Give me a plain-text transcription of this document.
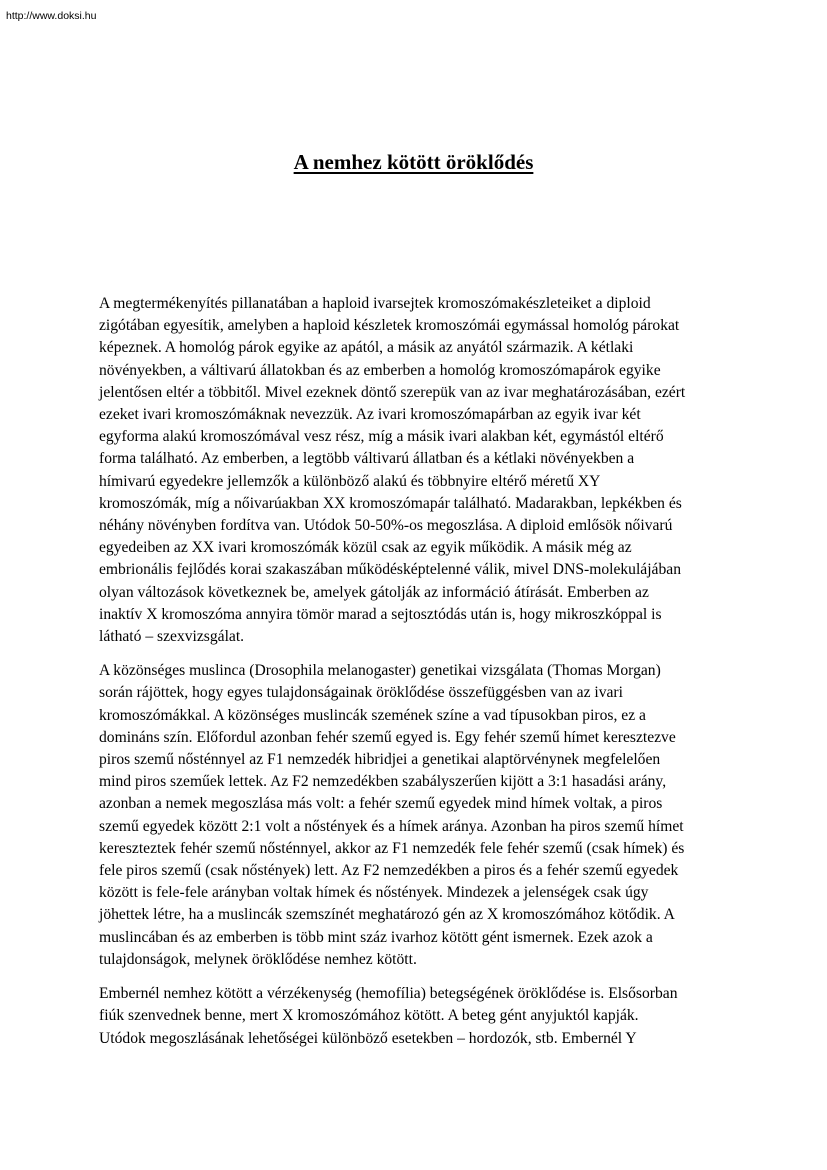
http://www.doksi.hu
A nemhez kötött öröklődés

A megtermékenyítés pillanatában a haploid ivarsejtek kromoszómakészleteiket a diploid
zigótában egyesítik, amelyben a haploid készletek kromoszómái egymással homológ párokat
képeznek. A homológ párok egyike az apától, a másik az anyától származik. A kétlaki
növényekben, a váltivarú állatokban és az emberben a homológ kromoszómapárok egyike
jelentősen eltér a többitől. Mivel ezeknek döntő szerepük van az ivar meghatározásában, ezért
ezeket ivari kromoszómáknak nevezzük. Az ivari kromoszómapárban az egyik ivar két
egyforma alakú kromoszómával vesz rész, míg a másik ivari alakban két, egymástól eltérő
forma található. Az emberben, a legtöbb váltivarú állatban és a kétlaki növényekben a
hímivarú egyedekre jellemzők a különböző alakú és többnyire eltérő méretű XY
kromoszómák, míg a nőivarúakban XX kromoszómapár található. Madarakban, lepkékben és
néhány növényben fordítva van. Utódok 50-50%-os megoszlása. A diploid emlősök nőivarú
egyedeiben az XX ivari kromoszómák közül csak az egyik működik. A másik még az
embrionális fejlődés korai szakaszában működésképtelenné válik, mivel DNS-molekulájában
olyan változások következnek be, amelyek gátolják az információ átírását. Emberben az
inaktív X kromoszóma annyira tömör marad a sejtosztódás után is, hogy mikroszkóppal is
látható – szexvizsgálat.

A közönséges muslinca (Drosophila melanogaster) genetikai vizsgálata (Thomas Morgan)
során rájöttek, hogy egyes tulajdonságainak öröklődése összefüggésben van az ivari
kromoszómákkal. A közönséges muslincák szemének színe a vad típusokban piros, ez a
domináns szín. Előfordul azonban fehér szemű egyed is. Egy fehér szemű hímet keresztezve
piros szemű nősténnyel az F1 nemzedék hibridjei a genetikai alaptörvénynek megfelelően
mind piros szeműek lettek. Az F2 nemzedékben szabályszerűen kijött a 3:1 hasadási arány,
azonban a nemek megoszlása más volt: a fehér szemű egyedek mind hímek voltak, a piros
szemű egyedek között 2:1 volt a nőstények és a hímek aránya. Azonban ha piros szemű hímet
kereszteztek fehér szemű nősténnyel, akkor az F1 nemzedék fele fehér szemű (csak hímek) és
fele piros szemű (csak nőstények) lett. Az F2 nemzedékben a piros és a fehér szemű egyedek
között is fele-fele arányban voltak hímek és nőstények. Mindezek a jelenségek csak úgy
jöhettek létre, ha a muslincák szemszínét meghatározó gén az X kromoszómához kötődik. A
muslincában és az emberben is több mint száz ivarhoz kötött gént ismernek. Ezek azok a
tulajdonságok, melynek öröklődése nemhez kötött.

Embernél nemhez kötött a vérzékenység (hemofília) betegségének öröklődése is. Elsősorban
fiúk szenvednek benne, mert X kromoszómához kötött. A beteg gént anyjuktól kapják.
Utódok megoszlásának lehetőségei különböző esetekben – hordozók, stb. Embernél Y
